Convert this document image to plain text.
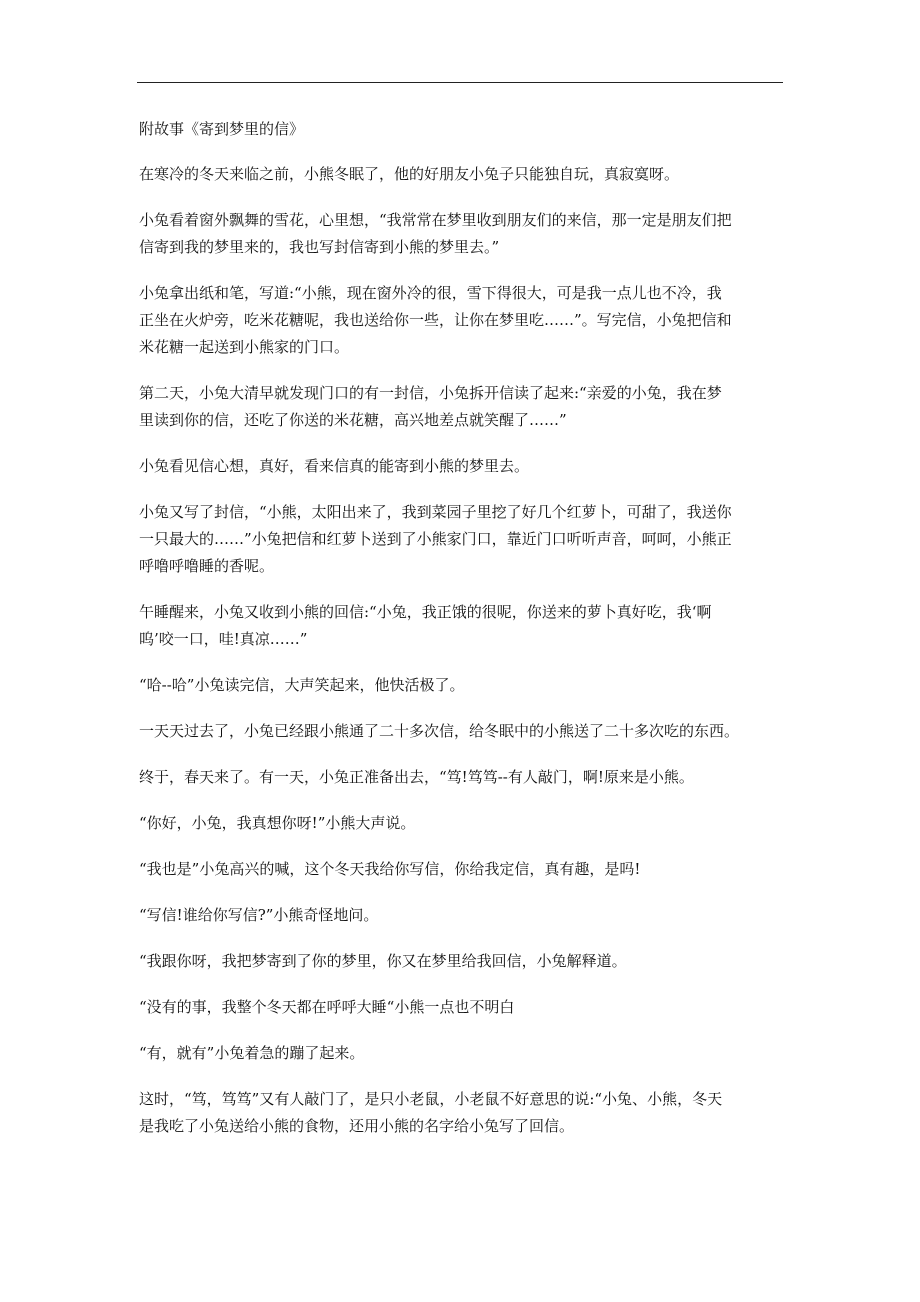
附故事《寄到梦里的信》

在寒冷的冬天来临之前，小熊冬眠了，他的好朋友小兔子只能独自玩，真寂寞呀。

小兔看着窗外飘舞的雪花，心里想，“我常常在梦里收到朋友们的来信，那一定是朋友们把
信寄到我的梦里来的，我也写封信寄到小熊的梦里去。”

小兔拿出纸和笔，写道:“小熊，现在窗外冷的很，雪下得很大，可是我一点儿也不冷，我
正坐在火炉旁，吃米花糖呢，我也送给你一些，让你在梦里吃……”。写完信，小兔把信和
米花糖一起送到小熊家的门口。

第二天，小兔大清早就发现门口的有一封信，小兔拆开信读了起来:“亲爱的小兔，我在梦
里读到你的信，还吃了你送的米花糖，高兴地差点就笑醒了……”

小兔看见信心想，真好，看来信真的能寄到小熊的梦里去。

小兔又写了封信，“小熊，太阳出来了，我到菜园子里挖了好几个红萝卜，可甜了，我送你
一只最大的……”小兔把信和红萝卜送到了小熊家门口，靠近门口听听声音，呵呵，小熊正
呼噜呼噜睡的香呢。

午睡醒来，小兔又收到小熊的回信:“小兔，我正饿的很呢，你送来的萝卜真好吃，我‘啊
呜’咬一口，哇!真凉……”

“哈--哈”小兔读完信，大声笑起来，他快活极了。

一天天过去了，小兔已经跟小熊通了二十多次信，给冬眠中的小熊送了二十多次吃的东西。

终于，春天来了。有一天，小兔正准备出去，“笃!笃笃--有人敲门，啊!原来是小熊。

“你好，小兔，我真想你呀!”小熊大声说。

“我也是”小兔高兴的喊，这个冬天我给你写信，你给我定信，真有趣，是吗!

“写信!谁给你写信?”小熊奇怪地问。

“我跟你呀，我把梦寄到了你的梦里，你又在梦里给我回信，小兔解释道。

“没有的事，我整个冬天都在呼呼大睡“小熊一点也不明白

“有，就有”小兔着急的蹦了起来。

这时，“笃，笃笃”又有人敲门了，是只小老鼠，小老鼠不好意思的说:“小兔、小熊，冬天
是我吃了小兔送给小熊的食物，还用小熊的名字给小兔写了回信。
